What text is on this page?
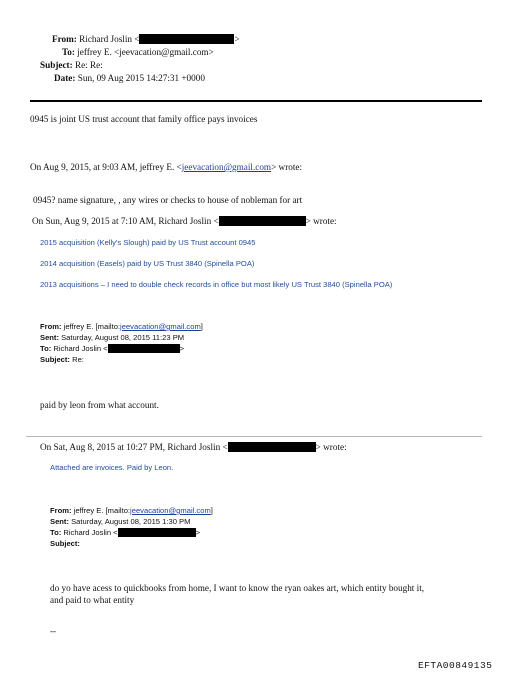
From: Richard Joslin <	>
To: jeffrey E. <jeevacation@gmail.com>
Subject: Re: Re:
Date: Sun, 09 Aug 2015 14:27:31 +0000
0945 is joint US trust account that family office pays invoices
On Aug 9, 2015, at 9:03 AM, jeffrey E. <jeevacation@gmail.com> wrote:
0945? name signature, , any wires or checks to house of nobleman for art
On Sun, Aug 9, 2015 at 7:10 AM, Richard Joslin <	> wrote:
2015 acquisition (Kelly's Slough) paid by US Trust account 0945
2014 acquisition (Easels) paid by US Trust 3840 (Spinella POA)
2013 acquisitions – I need to double check records in office but most likely US Trust 3840 (Spinella POA)
From: jeffrey E. [mailto:jeevacation@gmail.com]
Sent: Saturday, August 08, 2015 11:23 PM
To: Richard Joslin <	>
Subject: Re:
paid by leon from what account.
On Sat, Aug 8, 2015 at 10:27 PM, Richard Joslin <	> wrote:
Attached are invoices. Paid by Leon.
From: jeffrey E. [mailto:jeevacation@gmail.com]
Sent: Saturday, August 08, 2015 1:30 PM
To: Richard Joslin <	>
Subject:
do yo have acess to quickbooks from home, I want to know the ryan oakes art, which entity bought it,
and paid to what entity
--
EFTA00849135
